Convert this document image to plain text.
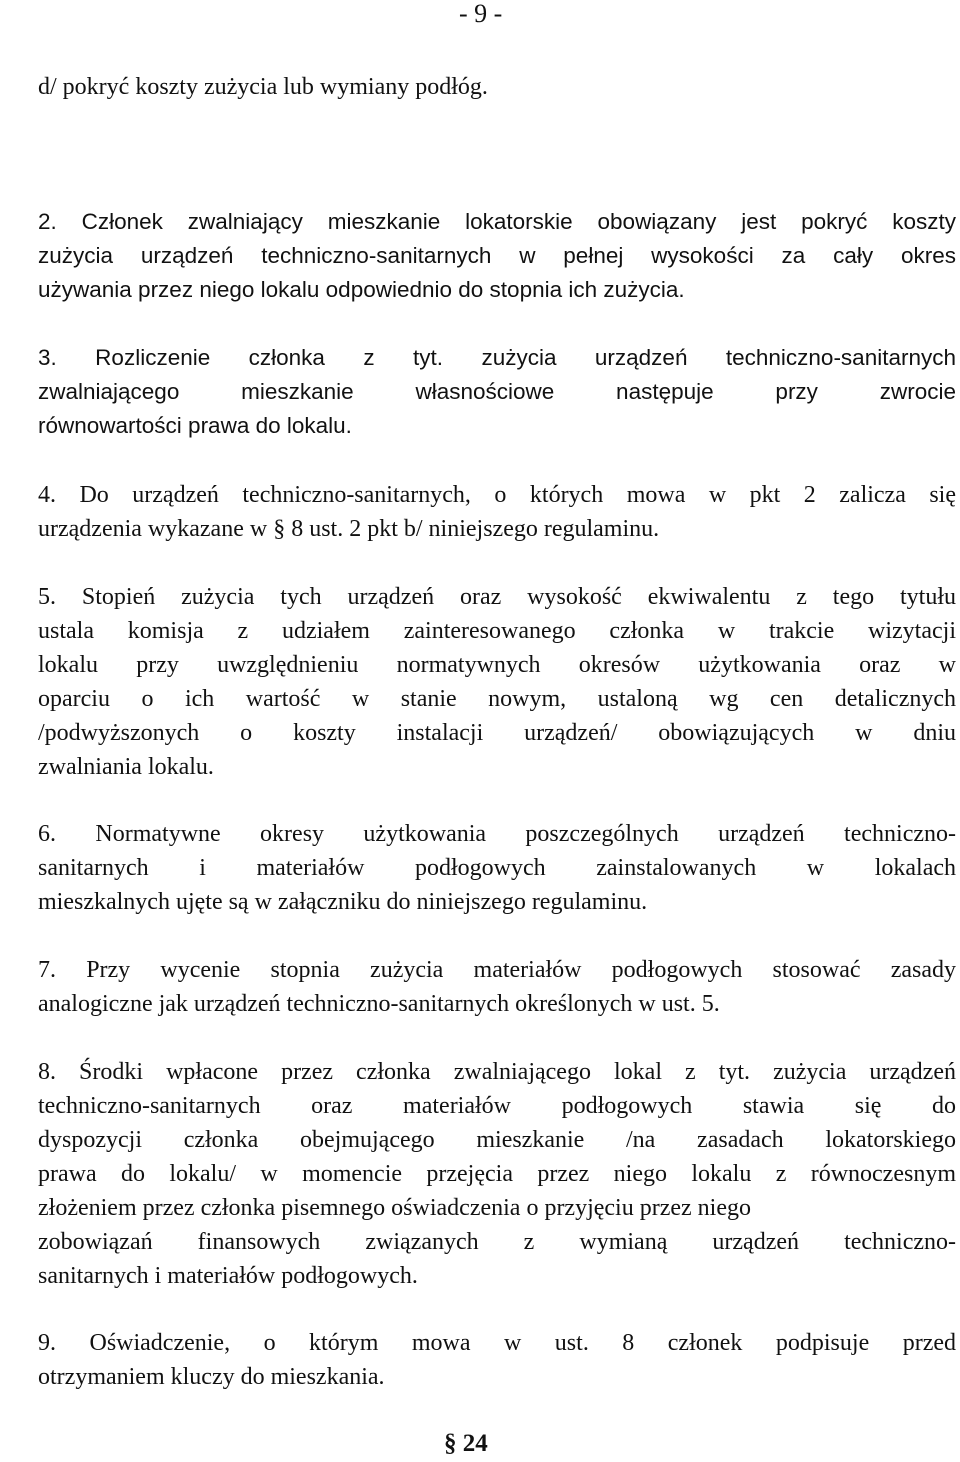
- 9 -
d/ pokryć koszty zużycia lub wymiany podłóg.
2. Członek zwalniający mieszkanie lokatorskie obowiązany jest pokryć koszty
zużycia urządzeń techniczno-sanitarnych w pełnej wysokości za cały okres
używania przez niego lokalu odpowiednio do stopnia ich zużycia.
3. Rozliczenie członka z tyt. zużycia urządzeń techniczno-sanitarnych
zwalniającego mieszkanie własnościowe następuje przy zwrocie
równowartości prawa do lokalu.
4. Do urządzeń techniczno-sanitarnych, o których mowa w pkt 2 zalicza się
urządzenia wykazane w § 8 ust. 2 pkt b/ niniejszego regulaminu.
5. Stopień zużycia tych urządzeń oraz wysokość ekwiwalentu z tego tytułu
ustala komisja z udziałem zainteresowanego członka w trakcie wizytacji
lokalu przy uwzględnieniu normatywnych okresów użytkowania oraz w
oparciu o ich wartość w stanie nowym, ustaloną wg cen detalicznych
/podwyższonych o koszty instalacji urządzeń/ obowiązujących w dniu
zwalniania lokalu.
6. Normatywne okresy użytkowania poszczególnych urządzeń techniczno-
sanitarnych i materiałów podłogowych zainstalowanych w lokalach
mieszkalnych ujęte są w załączniku do niniejszego regulaminu.
7. Przy wycenie stopnia zużycia materiałów podłogowych stosować zasady
analogiczne jak urządzeń techniczno-sanitarnych określonych w ust. 5.
8. Środki wpłacone przez członka zwalniającego lokal z tyt. zużycia urządzeń
techniczno-sanitarnych oraz materiałów podłogowych stawia się do
dyspozycji członka obejmującego mieszkanie /na zasadach lokatorskiego
prawa do lokalu/ w momencie przejęcia przez niego lokalu z równoczesnym
złożeniem przez członka pisemnego oświadczenia o przyjęciu przez niego
zobowiązań finansowych związanych z wymianą urządzeń techniczno-
sanitarnych i materiałów podłogowych.
9. Oświadczenie, o którym mowa w ust. 8 członek podpisuje przed
otrzymaniem kluczy do mieszkania.
§ 24
